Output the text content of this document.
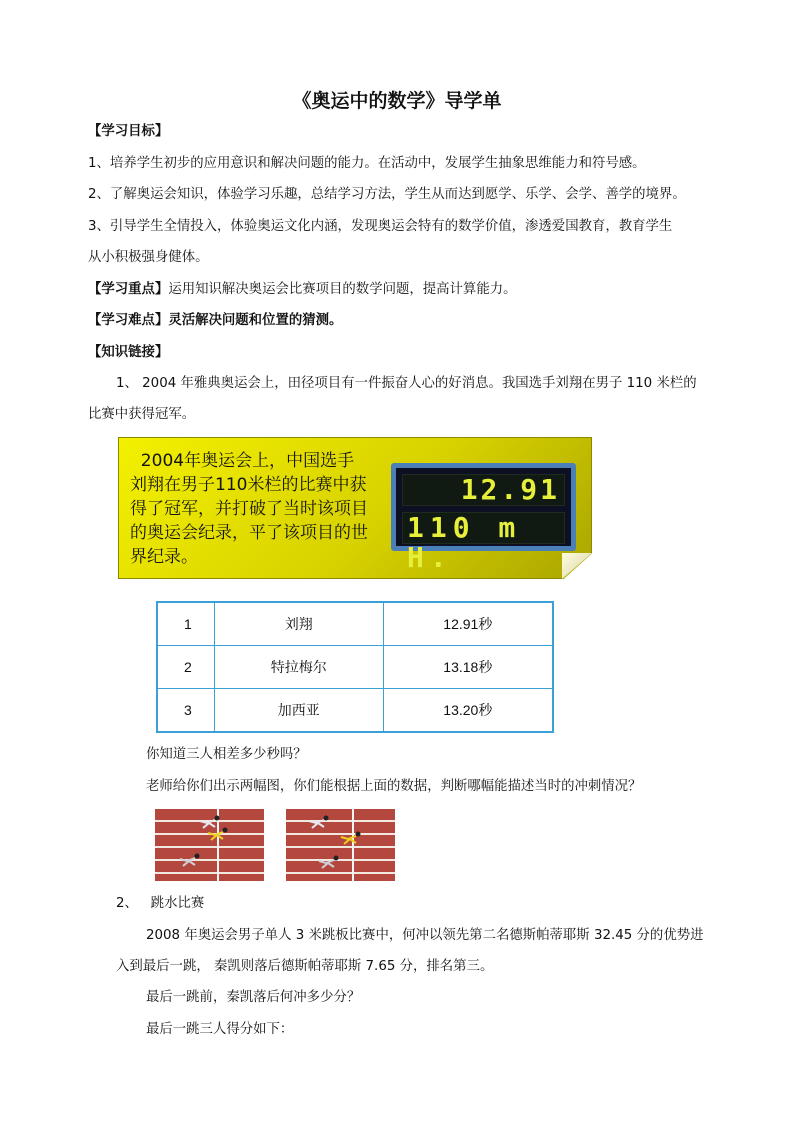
《奥运中的数学》导学单
【学习目标】
1、培养学生初步的应用意识和解决问题的能力。在活动中，发展学生抽象思维能力和符号感。
2、了解奥运会知识，体验学习乐趣，总结学习方法，学生从而达到愿学、乐学、会学、善学的境界。
3、引导学生全情投入，体验奥运文化内涵，发现奥运会特有的数学价值，渗透爱国教育，教育学生
从小积极强身健体。
【学习重点】运用知识解决奥运会比赛项目的数学问题，提高计算能力。
【学习难点】灵活解决问题和位置的猜测。
【知识链接】
1、 2004 年雅典奥运会上，田径项目有一件振奋人心的好消息。我国选手刘翔在男子 110 米栏的
比赛中获得冠军。
2004年奥运会上，中国选手
刘翔在男子110米栏的比赛中获
得了冠军，并打破了当时该项目
的奥运会纪录，平了该项目的世
界纪录。
12.91
110 m H.
1	刘翔	12.91秒
2	特拉梅尔	13.18秒
3	加西亚	13.20秒
你知道三人相差多少秒吗？
老师给你们出示两幅图，你们能根据上面的数据，判断哪幅能描述当时的冲刺情况？
2、   跳水比赛
2008 年奥运会男子单人 3 米跳板比赛中，何冲以领先第二名德斯帕蒂耶斯 32.45 分的优势进
入到最后一跳， 秦凯则落后德斯帕蒂耶斯 7.65 分，排名第三。
最后一跳前，秦凯落后何冲多少分？
最后一跳三人得分如下：
